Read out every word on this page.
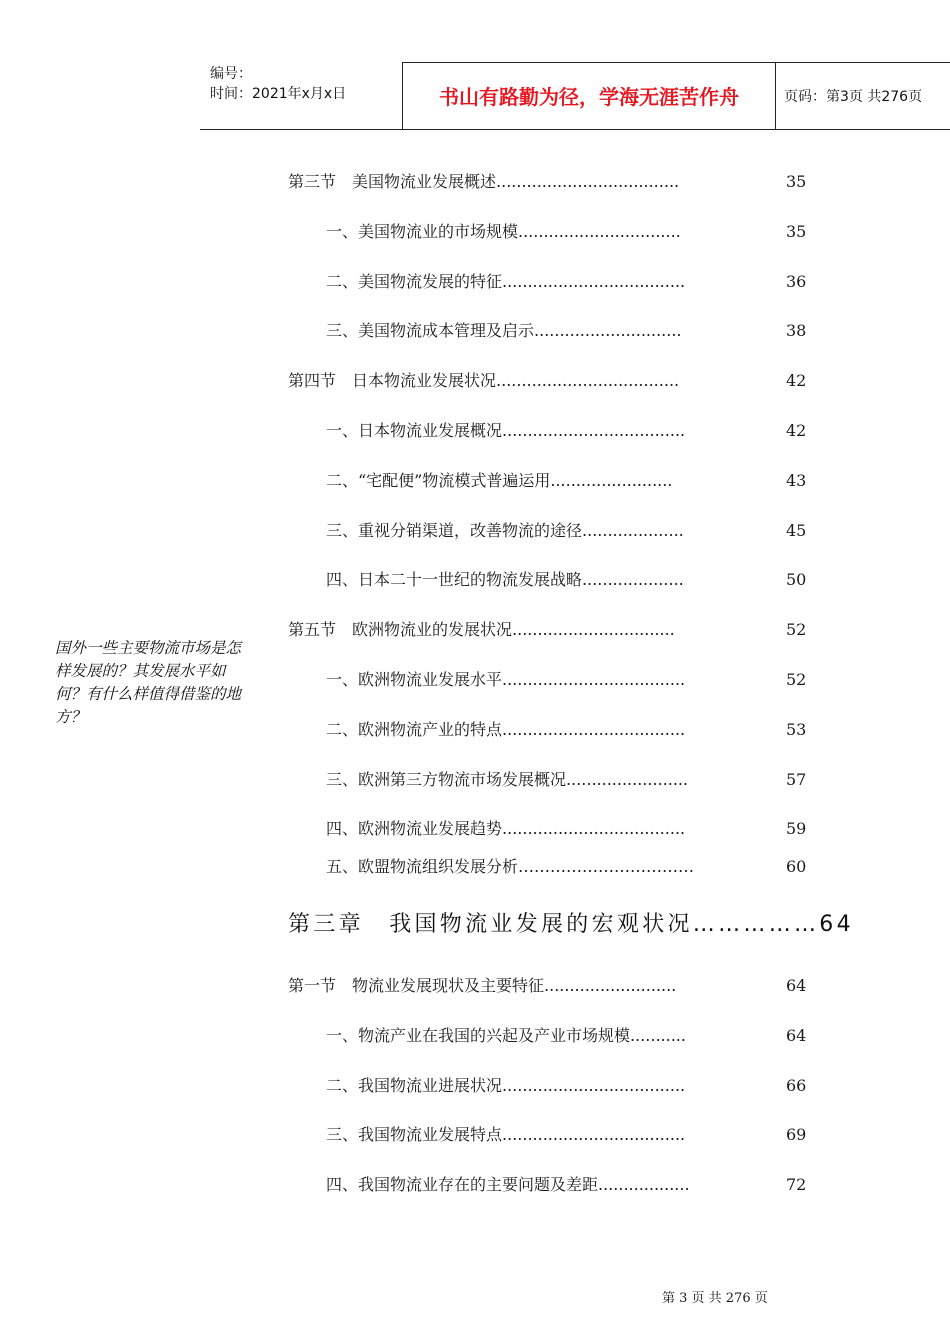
编号：
时间：2021年x月x日	书山有路勤为径，学海无涯苦作舟	页码：第3页 共276页
国外一些主要物流市场是怎样发展的？其发展水平如何？有什么样值得借鉴的地方？
第三节　美国物流业发展概述....................................	35
一、美国物流业的市场规模................................	35
二、美国物流发展的特征....................................	36
三、美国物流成本管理及启示.............................	38
第四节　日本物流业发展状况....................................	42
一、日本物流业发展概况....................................	42
二、“宅配便”物流模式普遍运用........................	43
三、重视分销渠道，改善物流的途径....................	45
四、日本二十一世纪的物流发展战略....................	50
第五节　欧洲物流业的发展状况................................	52
一、欧洲物流业发展水平....................................	52
二、欧洲物流产业的特点....................................	53
三、欧洲第三方物流市场发展概况........................	57
四、欧洲物流业发展趋势....................................	59
五、欧盟物流组织发展分析……………………………	60
第三章　我国物流业发展的宏观状况……………64
第一节　物流业发展现状及主要特征..........................	64
一、物流产业在我国的兴起及产业市场规模...........	64
二、我国物流业进展状况....................................	66
三、我国物流业发展特点....................................	69
四、我国物流业存在的主要问题及差距..................	72
第 3 页 共 276 页
